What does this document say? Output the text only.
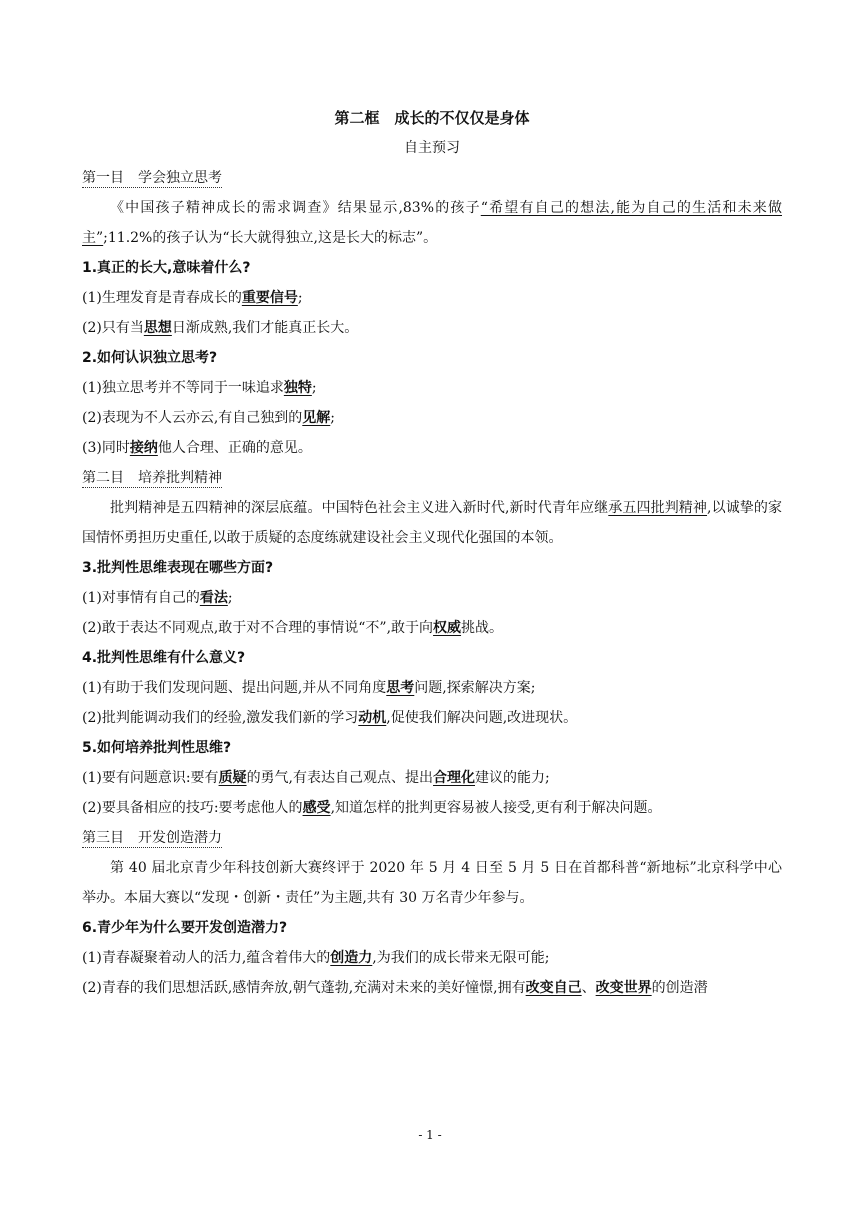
第二框　成长的不仅仅是身体
自主预习
第一目　学会独立思考
《中国孩子精神成长的需求调查》结果显示,83%的孩子“希望有自己的想法,能为自己的生活和未来做主”;11.2%的孩子认为“长大就得独立,这是长大的标志”。
1.真正的长大,意味着什么?
(1)生理发育是青春成长的重要信号;
(2)只有当思想日渐成熟,我们才能真正长大。
2.如何认识独立思考?
(1)独立思考并不等同于一味追求独特;
(2)表现为不人云亦云,有自己独到的见解;
(3)同时接纳他人合理、正确的意见。
第二目　培养批判精神
批判精神是五四精神的深层底蕴。中国特色社会主义进入新时代,新时代青年应继承五四批判精神,以诚挚的家国情怀勇担历史重任,以敢于质疑的态度练就建设社会主义现代化强国的本领。
3.批判性思维表现在哪些方面?
(1)对事情有自己的看法;
(2)敢于表达不同观点,敢于对不合理的事情说“不”,敢于向权威挑战。
4.批判性思维有什么意义?
(1)有助于我们发现问题、提出问题,并从不同角度思考问题,探索解决方案;
(2)批判能调动我们的经验,激发我们新的学习动机,促使我们解决问题,改进现状。
5.如何培养批判性思维?
(1)要有问题意识:要有质疑的勇气,有表达自己观点、提出合理化建议的能力;
(2)要具备相应的技巧:要考虑他人的感受,知道怎样的批判更容易被人接受,更有利于解决问题。
第三目　开发创造潜力
第 40 届北京青少年科技创新大赛终评于 2020 年 5 月 4 日至 5 月 5 日在首都科普“新地标”北京科学中心举办。本届大赛以“发现・创新・责任”为主题,共有 30 万名青少年参与。
6.青少年为什么要开发创造潜力?
(1)青春凝聚着动人的活力,蕴含着伟大的创造力,为我们的成长带来无限可能;
(2)青春的我们思想活跃,感情奔放,朝气蓬勃,充满对未来的美好憧憬,拥有改变自己、改变世界的创造潜
- 1 -
